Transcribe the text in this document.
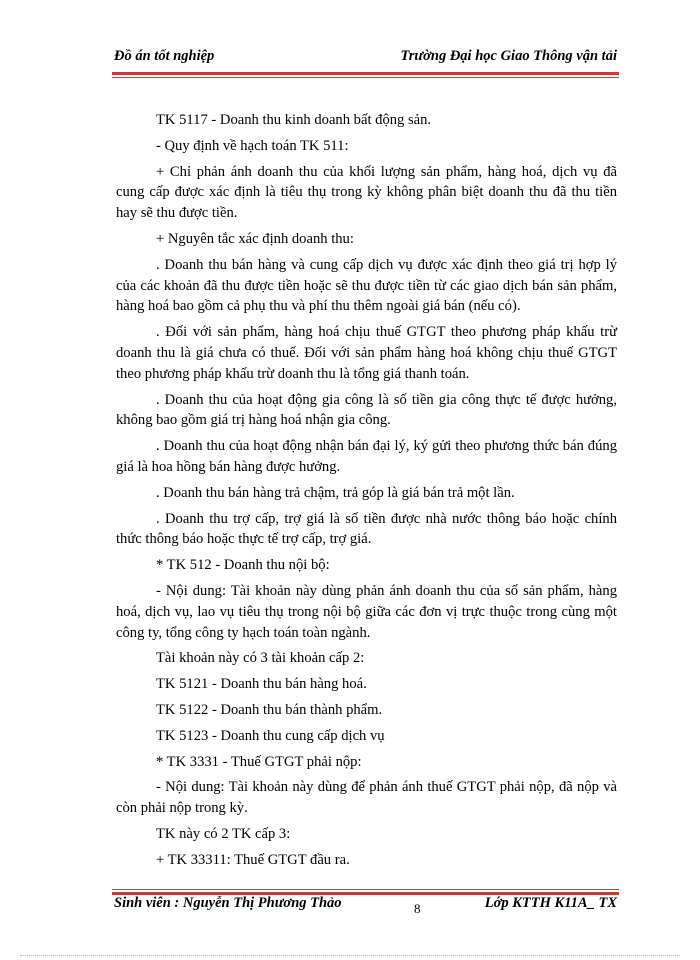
Đồ án tốt nghiệp	Trường Đại học Giao Thông vận tải

TK 5117 - Doanh thu kinh doanh bất động sản.

- Quy định về hạch toán TK 511:

+ Chỉ phản ánh doanh thu của khối lượng sản phẩm, hàng hoá, dịch vụ đã cung cấp được xác định là tiêu thụ trong kỳ không phân biệt doanh thu đã thu tiền hay sẽ thu được tiền.

+ Nguyên tắc xác định doanh thu:

. Doanh thu bán hàng và cung cấp dịch vụ được xác định theo giá trị hợp lý của các khoản đã thu được tiền hoặc sẽ thu được tiền từ các giao dịch bán sản phẩm, hàng hoá bao gồm cả phụ thu và phí thu thêm ngoài giá bán (nếu có).

. Đối với sản phẩm, hàng hoá chịu thuế GTGT theo phương pháp khấu trừ doanh thu là giá chưa có thuế. Đối với sản phẩm hàng hoá không chịu thuế GTGT theo phương pháp khấu trừ doanh thu là tổng giá thanh toán.

. Doanh thu của hoạt động gia công là số tiền gia công thực tế được hưởng, không bao gồm giá trị hàng hoá nhận gia công.

. Doanh thu của hoạt động nhận bán đại lý, ký gửi theo phương thức bán đúng giá là hoa hồng bán hàng được hưởng.

. Doanh thu bán hàng trả chậm, trả góp là giá bán trả một lần.

. Doanh thu trợ cấp, trợ giá là số tiền được nhà nước thông báo hoặc chính thức thông báo hoặc thực tế trợ cấp, trợ giá.

* TK 512 - Doanh thu nội bộ:

- Nội dung: Tài khoản này dùng phản ánh doanh thu của số sản phẩm, hàng hoá, dịch vụ, lao vụ tiêu thụ trong nội bộ giữa các đơn vị trực thuộc trong cùng một công ty, tổng công ty hạch toán toàn ngành.

Tài khoản này có 3 tài khoản cấp 2:

TK 5121 - Doanh thu bán hàng hoá.

TK 5122 - Doanh thu bán thành phẩm.

TK 5123 - Doanh thu cung cấp dịch vụ

* TK 3331 - Thuế GTGT phải nộp:

- Nội dung: Tài khoản này dùng để phản ánh thuế GTGT phải nộp, đã nộp và còn phải nộp trong kỳ.

TK này có 2 TK cấp 3:

+ TK 33311: Thuế GTGT đầu ra.

Sinh viên : Nguyễn Thị Phương Thảo	8	Lớp KTTH K11A_ TX
